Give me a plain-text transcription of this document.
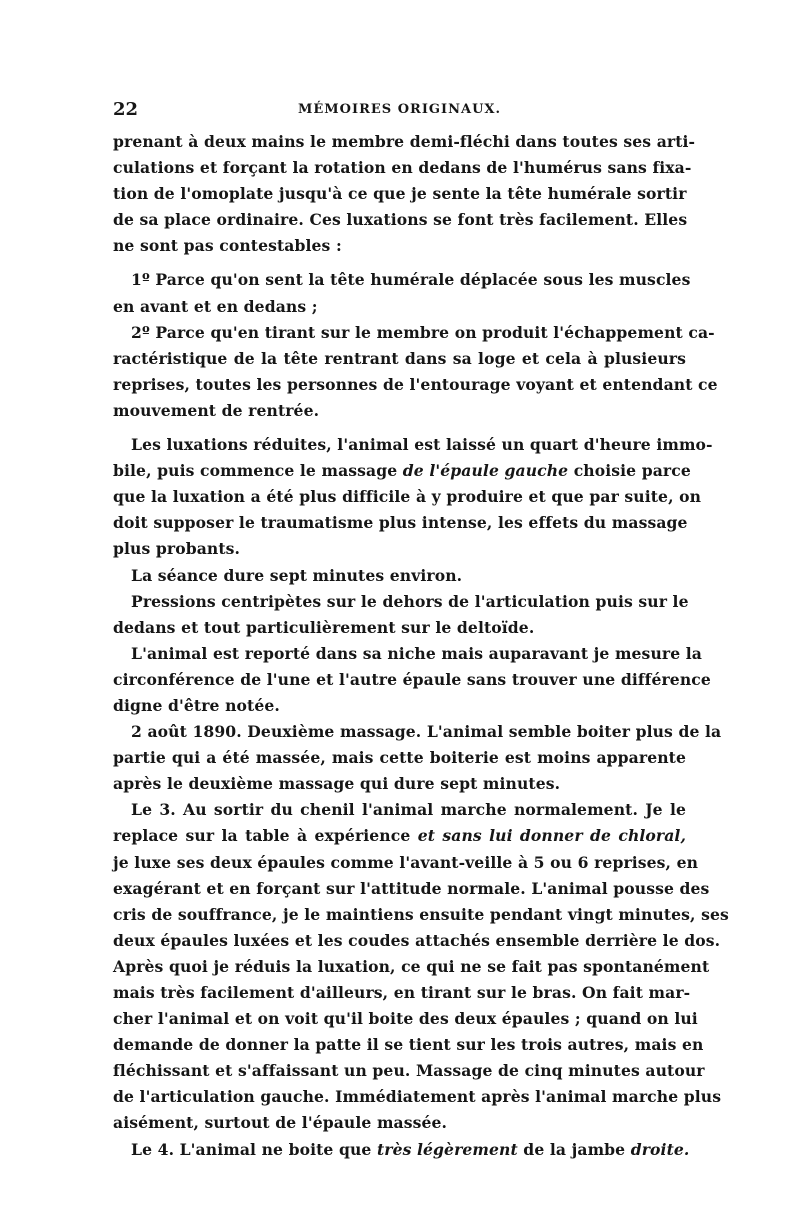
22	MÉMOIRES ORIGINAUX.
prenant à deux mains le membre demi-fléchi dans toutes ses arti-
culations et forçant la rotation en dedans de l'humérus sans fixa-
tion de l'omoplate jusqu'à ce que je sente la tête humérale sortir
de sa place ordinaire. Ces luxations se font très facilement. Elles
ne sont pas contestables :
1º Parce qu'on sent la tête humérale déplacée sous les muscles
en avant et en dedans ;
2º Parce qu'en tirant sur le membre on produit l'échappement ca-
ractéristique de la tête rentrant dans sa loge et cela à plusieurs
reprises, toutes les personnes de l'entourage voyant et entendant ce
mouvement de rentrée.
Les luxations réduites, l'animal est laissé un quart d'heure immo-
bile, puis commence le massage de l'épaule gauche choisie parce
que la luxation a été plus difficile à y produire et que par suite, on
doit supposer le traumatisme plus intense, les effets du massage
plus probants.
La séance dure sept minutes environ.
Pressions centripètes sur le dehors de l'articulation puis sur le
dedans et tout particulièrement sur le deltoïde.
L'animal est reporté dans sa niche mais auparavant je mesure la
circonférence de l'une et l'autre épaule sans trouver une différence
digne d'être notée.
2 août 1890. Deuxième massage. L'animal semble boiter plus de la
partie qui a été massée, mais cette boiterie est moins apparente
après le deuxième massage qui dure sept minutes.
Le 3. Au sortir du chenil l'animal marche normalement. Je le
replace sur la table à expérience et sans lui donner de chloral,
je luxe ses deux épaules comme l'avant-veille à 5 ou 6 reprises, en
exagérant et en forçant sur l'attitude normale. L'animal pousse des
cris de souffrance, je le maintiens ensuite pendant vingt minutes, ses
deux épaules luxées et les coudes attachés ensemble derrière le dos.
Après quoi je réduis la luxation, ce qui ne se fait pas spontanément
mais très facilement d'ailleurs, en tirant sur le bras. On fait mar-
cher l'animal et on voit qu'il boite des deux épaules ; quand on lui
demande de donner la patte il se tient sur les trois autres, mais en
fléchissant et s'affaissant un peu. Massage de cinq minutes autour
de l'articulation gauche. Immédiatement après l'animal marche plus
aisément, surtout de l'épaule massée.
Le 4. L'animal ne boite que très légèrement de la jambe droite.
